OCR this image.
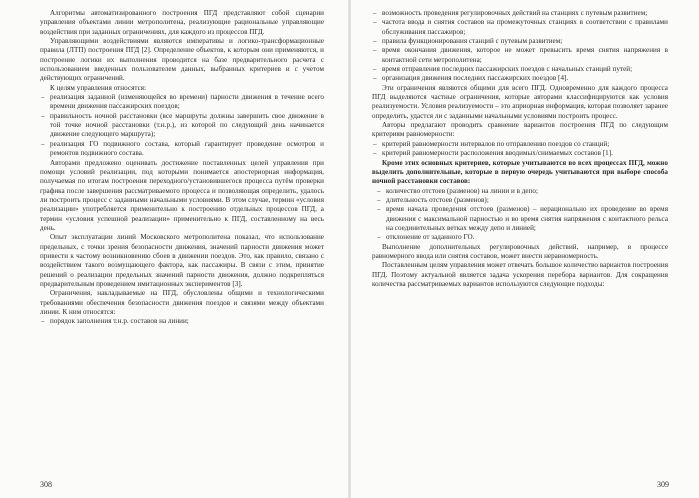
Алгоритмы автоматизированного построения ПГД представляют собой сценарии управления объектами линии метрополитена, реализующие рациональные управляющие воздействия при заданных ограничениях, для каждого из процессов ПГД.

Управляющими воздействиями являются императивы и логико-трансформационные правила (ЛТП) построения ПГД [2]. Определение объектов, к которым они применяются, и построение логики их выполнения проводится на базе предварительного расчета с использованием введенных пользователем данных, выбранных критериев и с учетом действующих ограничений.

К целям управления относятся:

– реализация заданной (изменяющейся во времени) парности движения в течение всего времени движения пассажирских поездов;

– правильность ночной расстановки (все маршруты должны завершить свое движение в той точке ночной расстановки (т.н.р.), из которой по следующий день начинается движение следующего маршрута);

– реализация ГО подвижного состава, который гарантирует проведение осмотров и ремонтов подвижного состава.

Авторами предложено оценивать достижение поставленных целей управления при помощи условий реализации, под которыми понимается апостериорная информация, получаемая по итогам построения переходного/установившегося процесса путём проверки графика после завершения рассматриваемого процесса и позволяющая определить, удалось ли построить процесс с заданными начальными условиями. В этом случае, термин «условия реализации» употребляется применительно к построению отдельных процессов ПГД, а термин «условия успешной реализации» применительно к ПГД, составленному на весь день.

Опыт эксплуатации линий Московского метрополитена показал, что использование предельных, с точки зрения безопасности движения, значений парности движения может привести к частому возникновению сбоев в движении поездов. Это, как правило, связано с воздействием такого возмущающего фактора, как пассажиры. В связи с этим, принятие решений о реализации предельных значений парности движения, должно подкрепляться предварительным проведением имитационных экспериментов [3].

Ограничения, накладываемые на ПГД, обусловлены общими и технологическими требованиями обеспечения безопасности движения поездов и связями между объектами линии. К ним относятся:

– порядок заполнения т.н.р. составов на линии;

308

– возможность проведения регулировочных действий на станциях с путевым развитием;

– частота ввода и снятия составов на промежуточных станциях в соответствии с правилами обслуживания пассажиров;

– правила функционирования станций с путевым развитием;

– время окончания движения, которое не может превысить время снятия напряжения в контактной сети метрополитена;

– время отправления последних пассажирских поездов с начальных станций путей;

– организация движения последних пассажирских поездов [4].

Эти ограничения являются общими для всего ПГД. Одновременно для каждого процесса ПГД выделяются частные ограничения, которые авторами классифицируются как условия реализуемости. Условия реализуемости – это априорная информация, которая позволяет заранее определить, удастся ли с заданными начальными условиями построить процесс.

Авторы предлагают проводить сравнение вариантов построения ПГД по следующим критериям равномерности:

– критерий равномерности интервалов по отправлению поездов со станций;

– критерий равномерности расположения вводимых/снимаемых составов [1].

Кроме этих основных критериев, которые учитываются во всех процессах ПГД, можно выделить дополнительные, которые в первую очередь учитываются при выборе способа ночной расстановки составов:

– количество отстоев (разменов) на линии и в депо;

– длительность отстоев (разменов);

– время начала проведения отстоев (разменов) – нерационально их проведение во время движения с максимальной парностью и во время снятия напряжения с контактного рельса на соединительных ветках между депо и линией;

– отклонение от заданного ГО.

Выполнение дополнительных регулировочных действий, например, в процессе равномерного ввода или снятия составов, может внести неравномерность.

Поставленным целям управления может отвечать большое количество вариантов построения ПГД. Поэтому актуальной является задача ускорения перебора вариантов. Для сокращения количества рассматриваемых вариантов используются следующие подходы:

309
